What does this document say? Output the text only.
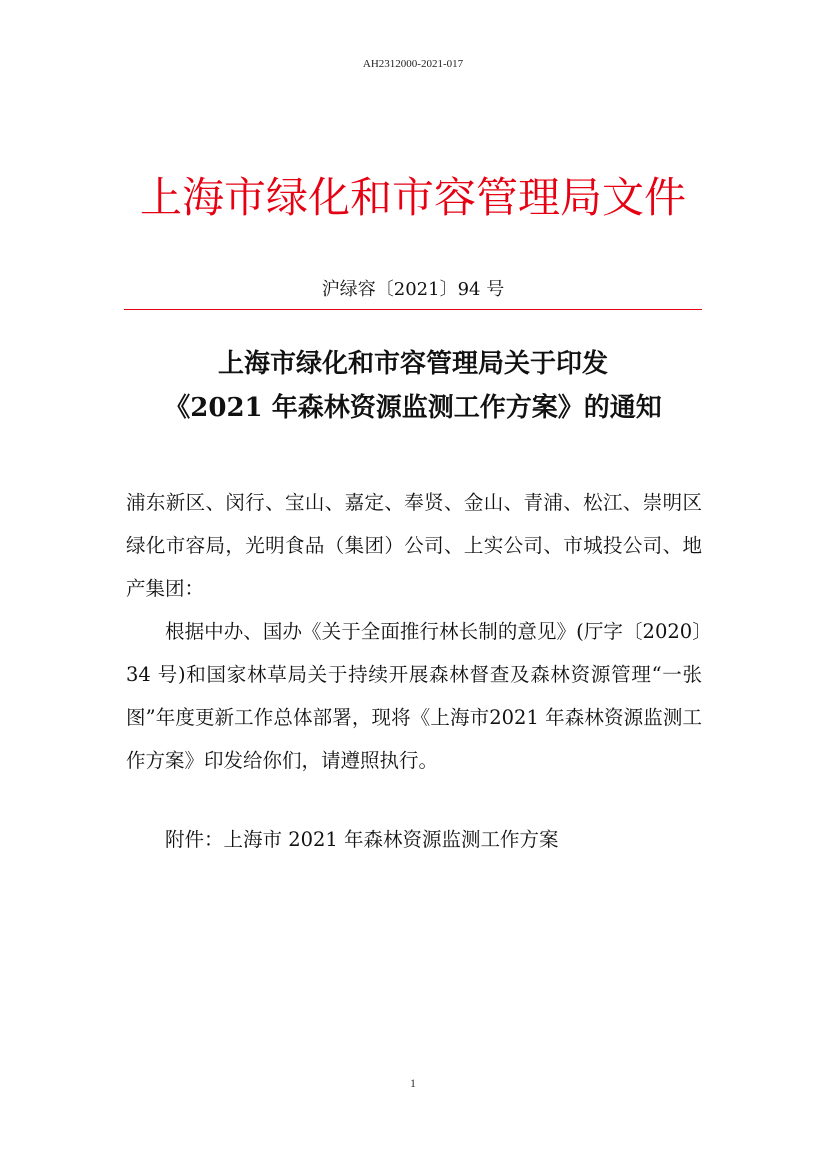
AH2312000-2021-017
上海市绿化和市容管理局文件
沪绿容〔2021〕94 号
上海市绿化和市容管理局关于印发
《2021 年森林资源监测工作方案》的通知
浦东新区、闵行、宝山、嘉定、奉贤、金山、青浦、松江、崇明区绿化市容局，光明食品（集团）公司、上实公司、市城投公司、地产集团：
根据中办、国办《关于全面推行林长制的意见》(厅字〔2020〕34 号)和国家林草局关于持续开展森林督查及森林资源管理“一张图”年度更新工作总体部署，现将《上海市2021 年森林资源监测工作方案》印发给你们，请遵照执行。
附件：上海市 2021 年森林资源监测工作方案
1
